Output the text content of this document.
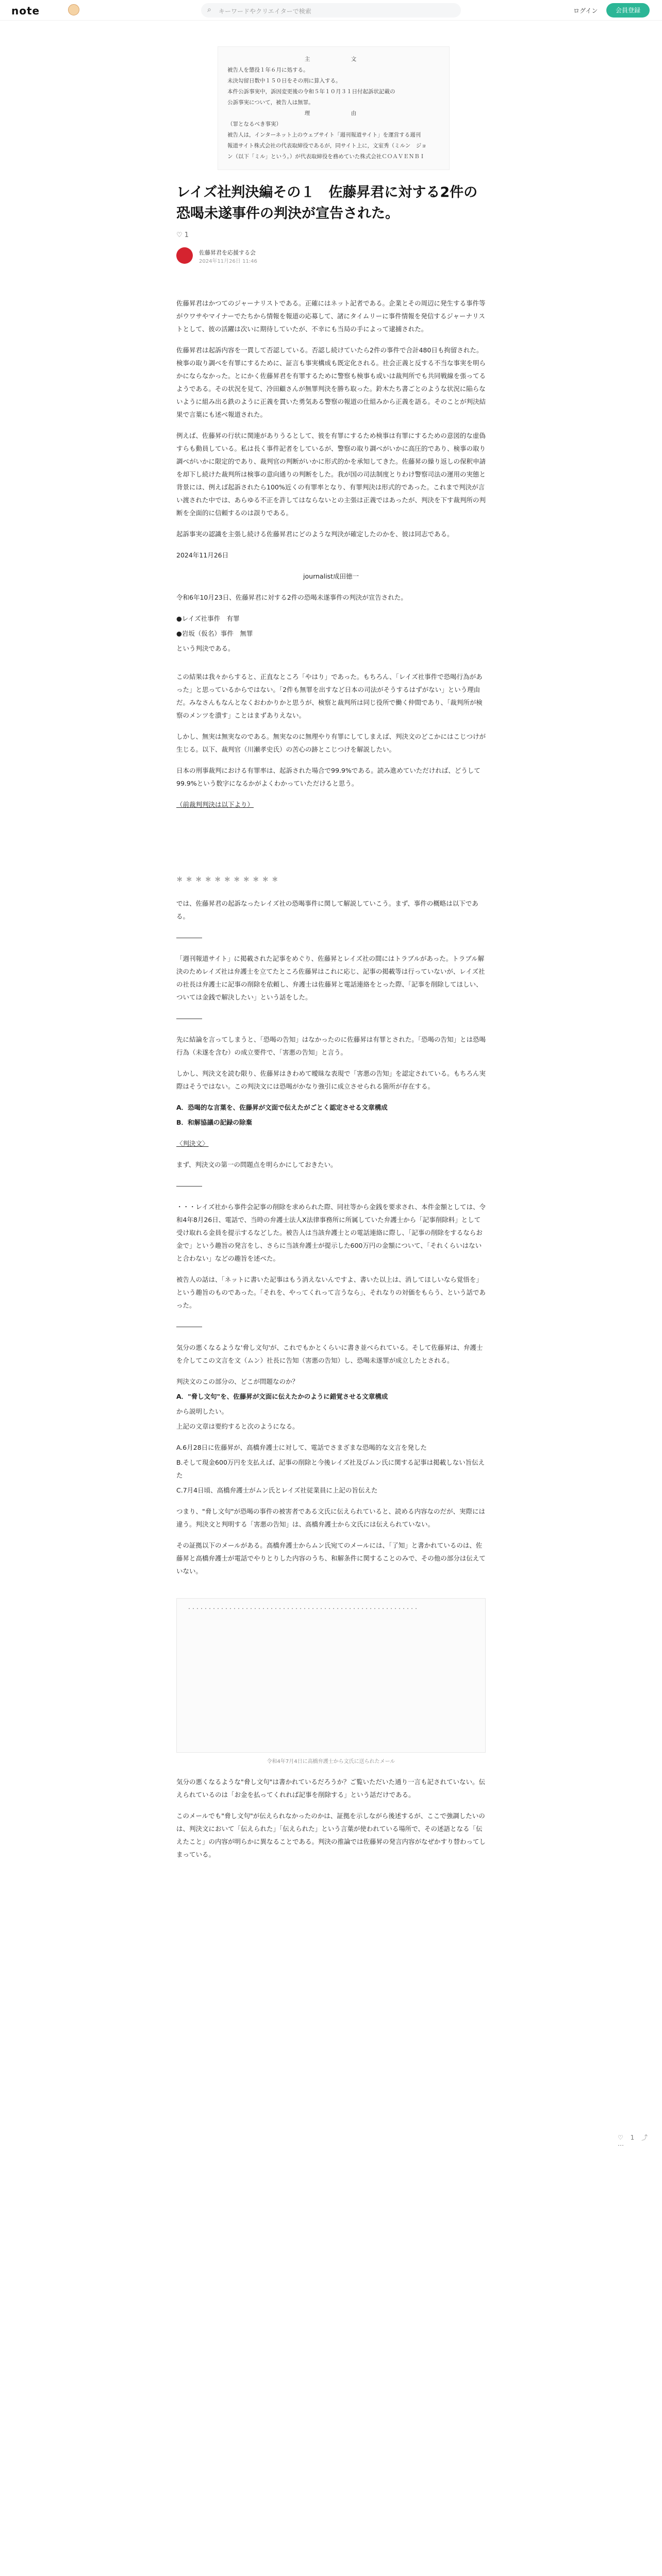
note	⌕ キーワードやクリエイターで検索	ログイン	会員登録
主　　　文
被告人を懲役１年６月に処する。
未決勾留日数中１５０日をその刑に算入する。
本件公訴事実中，訴因変更後の令和５年１０月３１日付起訴状記載の
公訴事実について，被告人は無罪。
理　　　由
（罪となるべき事実）
被告人は，インターネット上のウェブサイト「週刊報道サイト」を運営する週刊
報道サイト株式会社の代表取締役であるが，同サイト上に，文室秀（ミルン　ジョ
ン（以下「ミル」という。）が代表取締役を務めていた株式会社ＣＯＡＶＥＮＢＩ
レイズ社判決編その１　佐藤昇君に対する2件の恐喝未遂事件の判決が宣告された。
♡ 1
佐藤昇君を応援する会
2024年11月26日 11:46

佐藤昇君はかつてのジャーナリストである。正確にはネット記者である。企業とその周辺に発生する事件等がウワサやマイナーでたちから情報を報道の応募して、諸にタイムリーに事件情報を発信するジャーナリストとして、彼の活躍は次いに期待していたが、不幸にも当局の手によって逮捕された。

佐藤昇君は起訴内容を一貫して否認している。否認し続けていたら2件の事件で合計480日も拘留された。検事の取り調べを有罪にするために、証言も事実構成も既定化される。社会正義と反する不当な事実を明らかにならなかった。とにかく佐藤昇君を有罪するために警察も検事も或いは裁判所でも共同戦線を張ってるようである。その状況を見て、冷田顧さんが無罪判決を勝ち取った。鈴木たち書ごとのような状況に陥らないように組み出る鉄のように正義を貫いた勇気ある警察の報道の仕組みから正義を語る。そのことが判決結果で言葉にも述べ報道された。

例えば、佐藤昇の行状に関連がありうるとして、彼を有罪にするため検事は有罪にするための意図的な虚偽すらも動員している。私は長く事件記者をしているが、警察の取り調べがいかに高圧的であり、検事の取り調べがいかに限定的であり、裁判官の判断がいかに形式的かを承知してきた。佐藤昇の繰り返しの保釈申請を却下し続けた裁判所は検事の意向通りの判断をした。我が国の司法制度とりわけ警察司法の運用の実態と背景には、例えば起訴されたら100%近くの有罪率となり、有罪判決は形式的であった。これまで判決が言い渡された中では、あらゆる不正を許してはならないとの主張は正義ではあったが、判決を下す裁判所の判断を全面的に信頼するのは誤りである。

起訴事実の認識を主張し続ける佐藤昇君にどのような判決が確定したのかを、彼は同志である。

2024年11月26日

journalist成田徳一

令和6年10月23日、佐藤昇君に対する2件の恐喝未遂事件の判決が宣告された。

●レイズ社事件　有罪

●岩坂（仮名）事件　無罪

という判決である。

この結果は我々からすると、正直なところ「やはり」であった。もちろん、「レイズ社事件で恐喝行為があった」と思っているからではない。「2件も無罪を出すなど日本の司法がそうするはずがない」という理由だ。みなさんもなんとなくおわかりかと思うが、検察と裁判所は同じ役所で働く仲間であり、「裁判所が検察のメンツを潰す」ことはまずありえない。

しかし、無実は無実なのである。無実なのに無理やり有罪にしてしまえば、判決文のどこかにはこじつけが生じる。以下、裁判官（川瀬孝史氏）の苦心の跡とこじつけを解説したい。

日本の刑事裁判における有罪率は、起訴された場合で99.9%である。読み進めていただければ、どうして99.9%という数字になるかがよくわかっていただけると思う。

（前裁判判決は以下より）

＊＊＊＊＊＊＊＊＊＊＊

では、佐藤昇君の起訴なったレイズ社の恐喝事件に関して解説していこう。まず、事件の概略は以下である。

――――

「週刊報道サイト」に掲載された記事をめぐり、佐藤昇とレイズ社の間にはトラブルがあった。トラブル解決のためレイズ社は弁護士を立てたところ佐藤昇はこれに応じ、記事の掲載等は行っていないが、レイズ社の社長は弁護士に記事の削除を依頼し、弁護士は佐藤昇と電話連絡をとった際、「記事を削除してほしい、ついては金銭で解決したい」という話をした。

――――

先に結論を言ってしまうと、「恐喝の告知」はなかったのに佐藤昇は有罪とされた。「恐喝の告知」とは恐喝行為（未遂を含む）の成立要件で、「害悪の告知」と言う。

しかし、判決文を読む限り、佐藤昇はきわめて曖昧な表現で「害悪の告知」を認定されている。もちろん実際はそうではない。この判決文には恐喝がかなり強引に成立させられる箇所が存在する。

A．恐喝的な言葉を、佐藤昇が文面で伝えたがごとく認定させる文章構成

B．和解協議の記録の除棄

〈判決文〉

まず、判決文の第一の問題点を明らかにしておきたい。

――――

・・・レイズ社から事件会記事の削除を求められた際、同社等から金銭を要求され、本件金額としては、令和4年8月26日、電話で、当時の弁護士法人X法律事務所に所属していた弁護士から「記事削除料」として受け取れる金員を提示するなどした。被告人は当該弁護士との電話連絡に際し、「記事の削除をするならお金で」という趣旨の発言をし、さらに当該弁護士が提示した600万円の金額について、「それくらいはないと合わない」などの趣旨を述べた。

被告人の話は、「ネットに書いた記事はもう消えないんですよ、書いた以上は、消してほしいなら覚悟を」という趣旨のものであった。「それを、やってくれって言うなら」、それなりの対価をもらう、という話であった。

――――

気分の悪くなるような'脅し文句'が、これでもかとくらいに書き並べられている。そして佐藤昇は、弁護士を介してこの文言を文（ムン）社長に告知（害悪の告知）し、恐喝未遂罪が成立したとされる。

判決文のこの部分の、どこが問題なのか？

A．"脅し文句"を、佐藤昇が文面に伝えたかのように錯覚させる文章構成

から説明したい。

上記の文章は要約すると次のようになる。

A.6月28日に佐藤昇が、高橋弁護士に対して、電話でさまざまな恐喝的な文言を発した

B.そして現金600万円を支払えば、記事の削除と今後レイズ社及びムン氏に関する記事は掲載しない旨伝えた

C.7月4日頃、高橋弁護士がムン氏とレイズ社従業員に上記の旨伝えた

つまり、"脅し文句"が恐喝の事件の被害者である文氏に伝えられていると、読める内容なのだが、実際には違う。判決文と判明する「害悪の告知」は、高橋弁護士から文氏には伝えられていない。

その証拠以下のメールがある。高橋弁護士からムン氏宛てのメールには、「了知」と書かれているのは、佐藤昇と高橋弁護士が電話でやりとりした内容のうち、和解条件に関することのみで、その他の部分は伝えていない。

・・・・・・・・・・・・・・・・・・・・・・・・・・・・・・・・・・・・・・・・・・・・・・・・・・・・・・・・

令和4年7月4日に高橋弁護士から文氏に送られたメール

気分の悪くなるような"脅し文句"は書かれているだろうか？ご覧いただいた通り一言も記されていない。伝えられているのは「お金を払ってくれれば記事を削除する」という話だけである。

このメールでも"脅し文句"が伝えられなかったのかは、証拠を示しながら後述するが、ここで強調したいのは、判決文において「伝えられた」「伝えられた」という言葉が使われている場所で、その述語となる「伝えたこと」の内容が明らかに異なることである。判決の推論では佐藤昇の発言内容がなぜかすり替わってしまっている。

♡ 1 ⤴ ⋯
